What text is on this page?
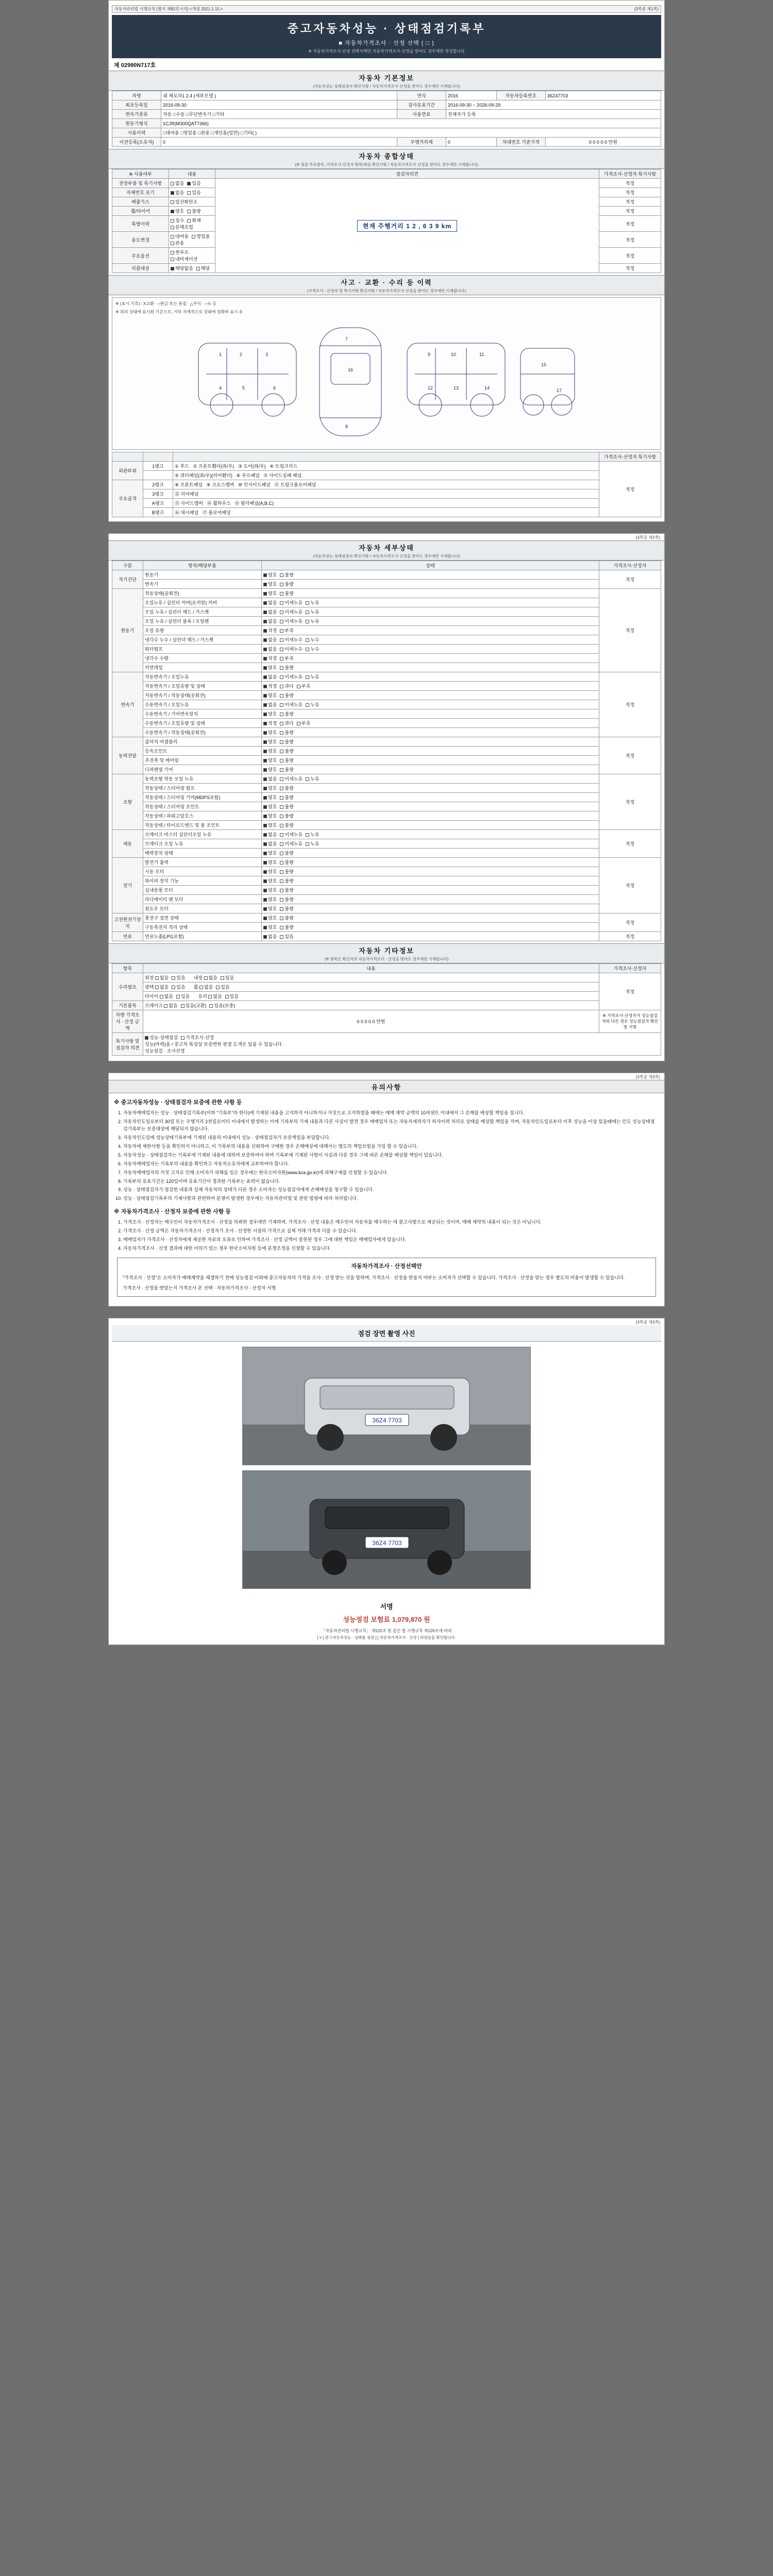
자동차관리법 시행규칙 [별지 제82호서식] <개정 2021.1.15.>	(3쪽중 제1쪽)
중고자동차성능 · 상태점검기록부
■ 자동차가격조사 · 산정 선택 ( □ )
※ 자동차가격조사·산정 선택시에만 자동차가격조사·산정을 받아도 경우에만 작성합니다
제 02990N717호
자동차 기본정보
(자동차성능·상태점검자 확인사항 / 자동차가격조사·산정을 받아도 경우에만 기재합니다)
차명	쉐 체로라1 2.4 (세부모델 )	연식	2016	자동차등록번호	36Z47703
최초등록일	2016-09-30	검사유효기간	2016-09-30 ~ 2026-09-29		
변속기종류	자동 □수동 □무단변속기 □기타	사용연료	전체자가 등록		
원동기형식	1CJR(M300QAT7366)				
사용이력	□대여용 □영업용 □관용 □개인용(일반) □기타( )				
이전등록(소유자)	0	주행거리계	0	차대번호 기준가격	0 0 0 0 0 만원
자동차 종합상태
(※ 점검 주요항목, 가격조사·산정자 항목/대상 확인사항 / 자동차가격조사·산정을 받아도 경우에만 기재합니다)
※ 사용여부	내용	점검자의견	가격조사·산정자 특기사항
전장부품 및 특기사항	없음 있음	현재 주행거리 1 2 , 6 3 9 km	적정
자체번호 표기	없음 있음		적정
배출가스	일산화탄소		적정
휠/타이어	양호 불량		적정
특별이력	침수 화재분해조립		적정
용도변경	대여용 영업용관용		적정
주요옵션	썬루프내비게이션		적정
리콜대상	해당없음 해당		적정
사고 · 교환 · 수리 등 이력
(가격조사 · 산정자 및 특기사항 확인사항 / 자동차가격조사·산정을 받아도 경우에만 기재합니다)
※ (표시 기호) : X교환 · ○판금 또는 용접 · △부식 · ○녹 등
※ 위의 상태에 표시된 기준으로, 기타 자체적으로 상태에 정확하 표시 유
1	2	3
4	5	6
7
16
8
9	10	11
12	13	14
15
17
			가격조사·산정자 특기사항
외판부위	1랭크	① 후드   ② 프론트휀더(좌/우)   ③ 도어(좌/우)   ④ 트렁크리드	적정
		⑤ 쿼터패널(좌/우)(리어휀더)   ⑥ 루프패널   ⑦ 사이드실패 패널	
주요골격	2랭크	⑧ 프론트패널   ⑨ 크로스멤버   ⑩ 인사이드패널   ⑪ 트렁크플로어패널	
	3랭크	⑫ 리어패널	
	A랭크	⑬ 사이드멤버   ⑭ 휠하우스   ⑮ 필러패널(A,B,C)	
	B랭크	⑯ 대시패널   ⑰ 플로어패널	
(3쪽중 제2쪽)
자동차 세부상태
(자동차성능·상태점검자 확인사항 / 자동차가격조사·산정을 받아도 경우에만 기재합니다)
구분	항목/해당부품	상태	가격조사·산정자
자기진단	원동기	양호 불량	적정
	변속기	양호 불량	
원동기	작동상태(공회전)	양호 불량	적정
	오일누유 / 실린더 커버(로커암) 커버	없음 미세누유 누유	
	오일 누유 / 실린더 헤드 / 가스켓	없음 미세누유 누유	
	오일 누유 / 실린더 블록 / 오일팬	없음 미세누유 누유	
	오일 유량	적정 부족	
	냉각수 누수 / 실린더 헤드 / 가스켓	없음 미세누수 누수	
	워터펌프	없음 미세누수 누수	
	냉각수 수량	적정 부족	
	커먼레일	양호 불량	
변속기	자동변속기 / 오일누유	없음 미세누유 누유	적정
	자동변속기 / 오일유량 및 상태	적정 과다 부족	
	자동변속기 / 작동상태(공회전)	양호 불량	
	수동변속기 / 오일누유	없음 미세누유 누유	
	수동변속기 / 기어변속장치	양호 불량	
	수동변속기 / 오일유량 및 상태	적정 과다 부족	
	수동변속기 / 작동상태(공회전)	양호 불량	
동력전달	클러치 어셈블리	양호 불량	적정
	등속조인트	양호 불량	
	추진축 및 베어링	양호 불량	
	디퍼렌셜 기어	양호 불량	
조향	동력조향 작동 오일 누유	없음 미세누유 누유	적정
	작동상태 / 스티어링 펌프	양호 불량	
	작동상태 / 스티어링 기어(MDPS포함)	양호 불량	
	작동상태 / 스티어링 조인트	양호 불량	
	작동상태 / 파워고압호스	양호 불량	
	작동상태 / 타이로드엔드 및 볼 조인트	양호 불량	
제동	브레이크 마스터 실린더오일 누유	없음 미세누유 누유	적정
	브레이크 오일 누유	없음 미세누유 누유	
	배력장치 상태	양호 불량	
전기	발전기 출력	양호 불량	적정
	시동 모터	양호 불량	
	와이퍼 장치 기능	양호 불량	
	실내송풍 모터	양호 불량	
	라디에이터 팬 모터	양호 불량	
	윈도우 모터	양호 불량	
고전원전기장치	충전구 절연 상태	양호 불량	적정
	구동축전지 격리 상태	양호 불량	
연료	연료누출(LPG포함)	없음 있음	적정
자동차 기타정보
(※ 항목은 확인자의 자동차가격조사 · 산정을 받아도 경우에만 기재합니다)
항목	내용	가격조사·산정자
수리필요	외장 없음 있음    내장 없음 있음	적정
	광택 없음 있음    휠 없음 있음	
	타이어 없음 있음    유리 없음 있음	
기본품목	브레이크 없음 있음(교환) 있음(보충)	
차량 가격조사 · 산정 금액	0 0 0 0 0 만원	※ 가격조사·산정자가 성능점검자와 다른 경우 성능점검자 확인 및 서명
특기사항 및
점검자 의견	
성능·상태점검 가격조사·산정
성능(마력)을 / 중고차 특성상 보증면한 판결 도색은 있을 수 있습니다.
성능점검 · 조사산정
(3쪽중 제3쪽)
유의사항
※ 중고자동차성능 · 상태점검자 보증에 관한 사항 등
1. 자동차매매업자는 성능 · 상태점검기록부(이하 "기록부"라 한다)에 기재된 내용을 고지하지 아니하거나 거짓으로 고지하였을 때에는 매매 계약 금액의 10퍼센트 이내에서 그 손해를 배상할 책임을 집니다.
2. 자동차인도일로부터 30일 또는 주행거리 2천킬로미터 이내에서 발생하는 이에 기록부의 기재 내용과 다른 사실이 발견 경우 매매업자 또는 자동차제작자가 하자이력 처리로 상태를 배상할 책임을 지며, 자동차인도일로부터 이후 성능을 이상 있을때에는 인도 성능상태점검기록부는 보증대상에 해당되지 않습니다.
3. 자동차인도일에 성능상태기록부에 기재된 내용의 이내에서 성능 · 상태점검자가 보증책임을 부담합니다.
4. 자동차에 제한사항 등을 확인하지 아니하고, 이 기록부의 내용을 신뢰하여 구매한 경우 손해배상에 대해서는 별도의 책임보험을 가입 할 수 있습니다.
5. 자동차성능 · 상태점검자는 기록부에 기재된 내용에 대하여 보증하여야 하며 기록부에 기재된 사항이 사실과 다른 경우 그에 따른 손해를 배상할 책임이 있습니다.
6. 자동차매매업자는 기록부의 내용을 확인하고 자동차소유자에게 교부하여야 합니다.
7. 자동차매매업자의 거짓 고지로 인해 소비자가 피해를 입은 경우에는 한국소비자원(www.kca.go.kr)에 피해구제를 신청할 수 있습니다.
8. 기록부의 유효기간은 120일이며 유효기간이 경과한 기록부는 효력이 없습니다.
9. 성능 · 상태점검자가 점검한 내용과 실제 자동차의 상태가 다른 경우 소비자는 성능점검자에게 손해배상을 청구할 수 있습니다.
10. 성능 · 상태점검기록부의 기재사항과 관련하여 분쟁이 발생한 경우에는 자동차관리법 및 관련 법령에 따라 처리됩니다.
※ 자동차가격조사 · 산정자 보증에 관한 사항 등
1. 가격조사 · 산정자는 매수인이 자동차가격조사 · 산정을 의뢰한 경우에만 기재하며, 가격조사 · 산정 내용은 매수인이 자동차를 매수하는 데 참고사항으로 제공되는 것이며, 매매 계약의 내용이 되는 것은 아닙니다.
2. 가격조사 · 산정 금액은 자동차가격조사 · 산정자가 조사 · 산정한 시점의 가격으로 실제 거래 가격과 다를 수 있습니다.
3. 매매업자가 가격조사 · 산정자에게 제공한 자료의 오류로 인하여 가격조사 · 산정 금액이 잘못된 경우 그에 대한 책임은 매매업자에게 있습니다.
4. 자동차가격조사 · 산정 결과에 대한 이의가 있는 경우 한국소비자원 등에 분쟁조정을 신청할 수 있습니다.
자동차가격조사 · 산정선택안
"가격조사 · 산정"은 소비자가 매매계약을 체결하기 전에 성능점검 이외에 중고자동차의 가격을 조사 · 산정 받는 것을 말하며, 가격조사 · 산정을 받을지 여부는 소비자가 선택할 수 있습니다. 가격조사 · 산정을 받는 경우 별도의 비용이 발생할 수 있습니다.
가격조사 · 산정을 받았는지 가격조사 본 선택 · 자동차가격조사 · 산정자 서명
(3쪽중 제3쪽)
점검 장면 촬영 사진
36Z4 7703
36Z4 7703
서명
성능점검 보험료 1,079,870 원
「자동차관리법 시행규칙」 제120조 및 같은 법 시행규칙 제120조에 따라
[ Y ] 중고자동차성능 · 상태를 점검 [ ] 자동차가격조사 · 산정 ) 하였음을 확인합니다.
